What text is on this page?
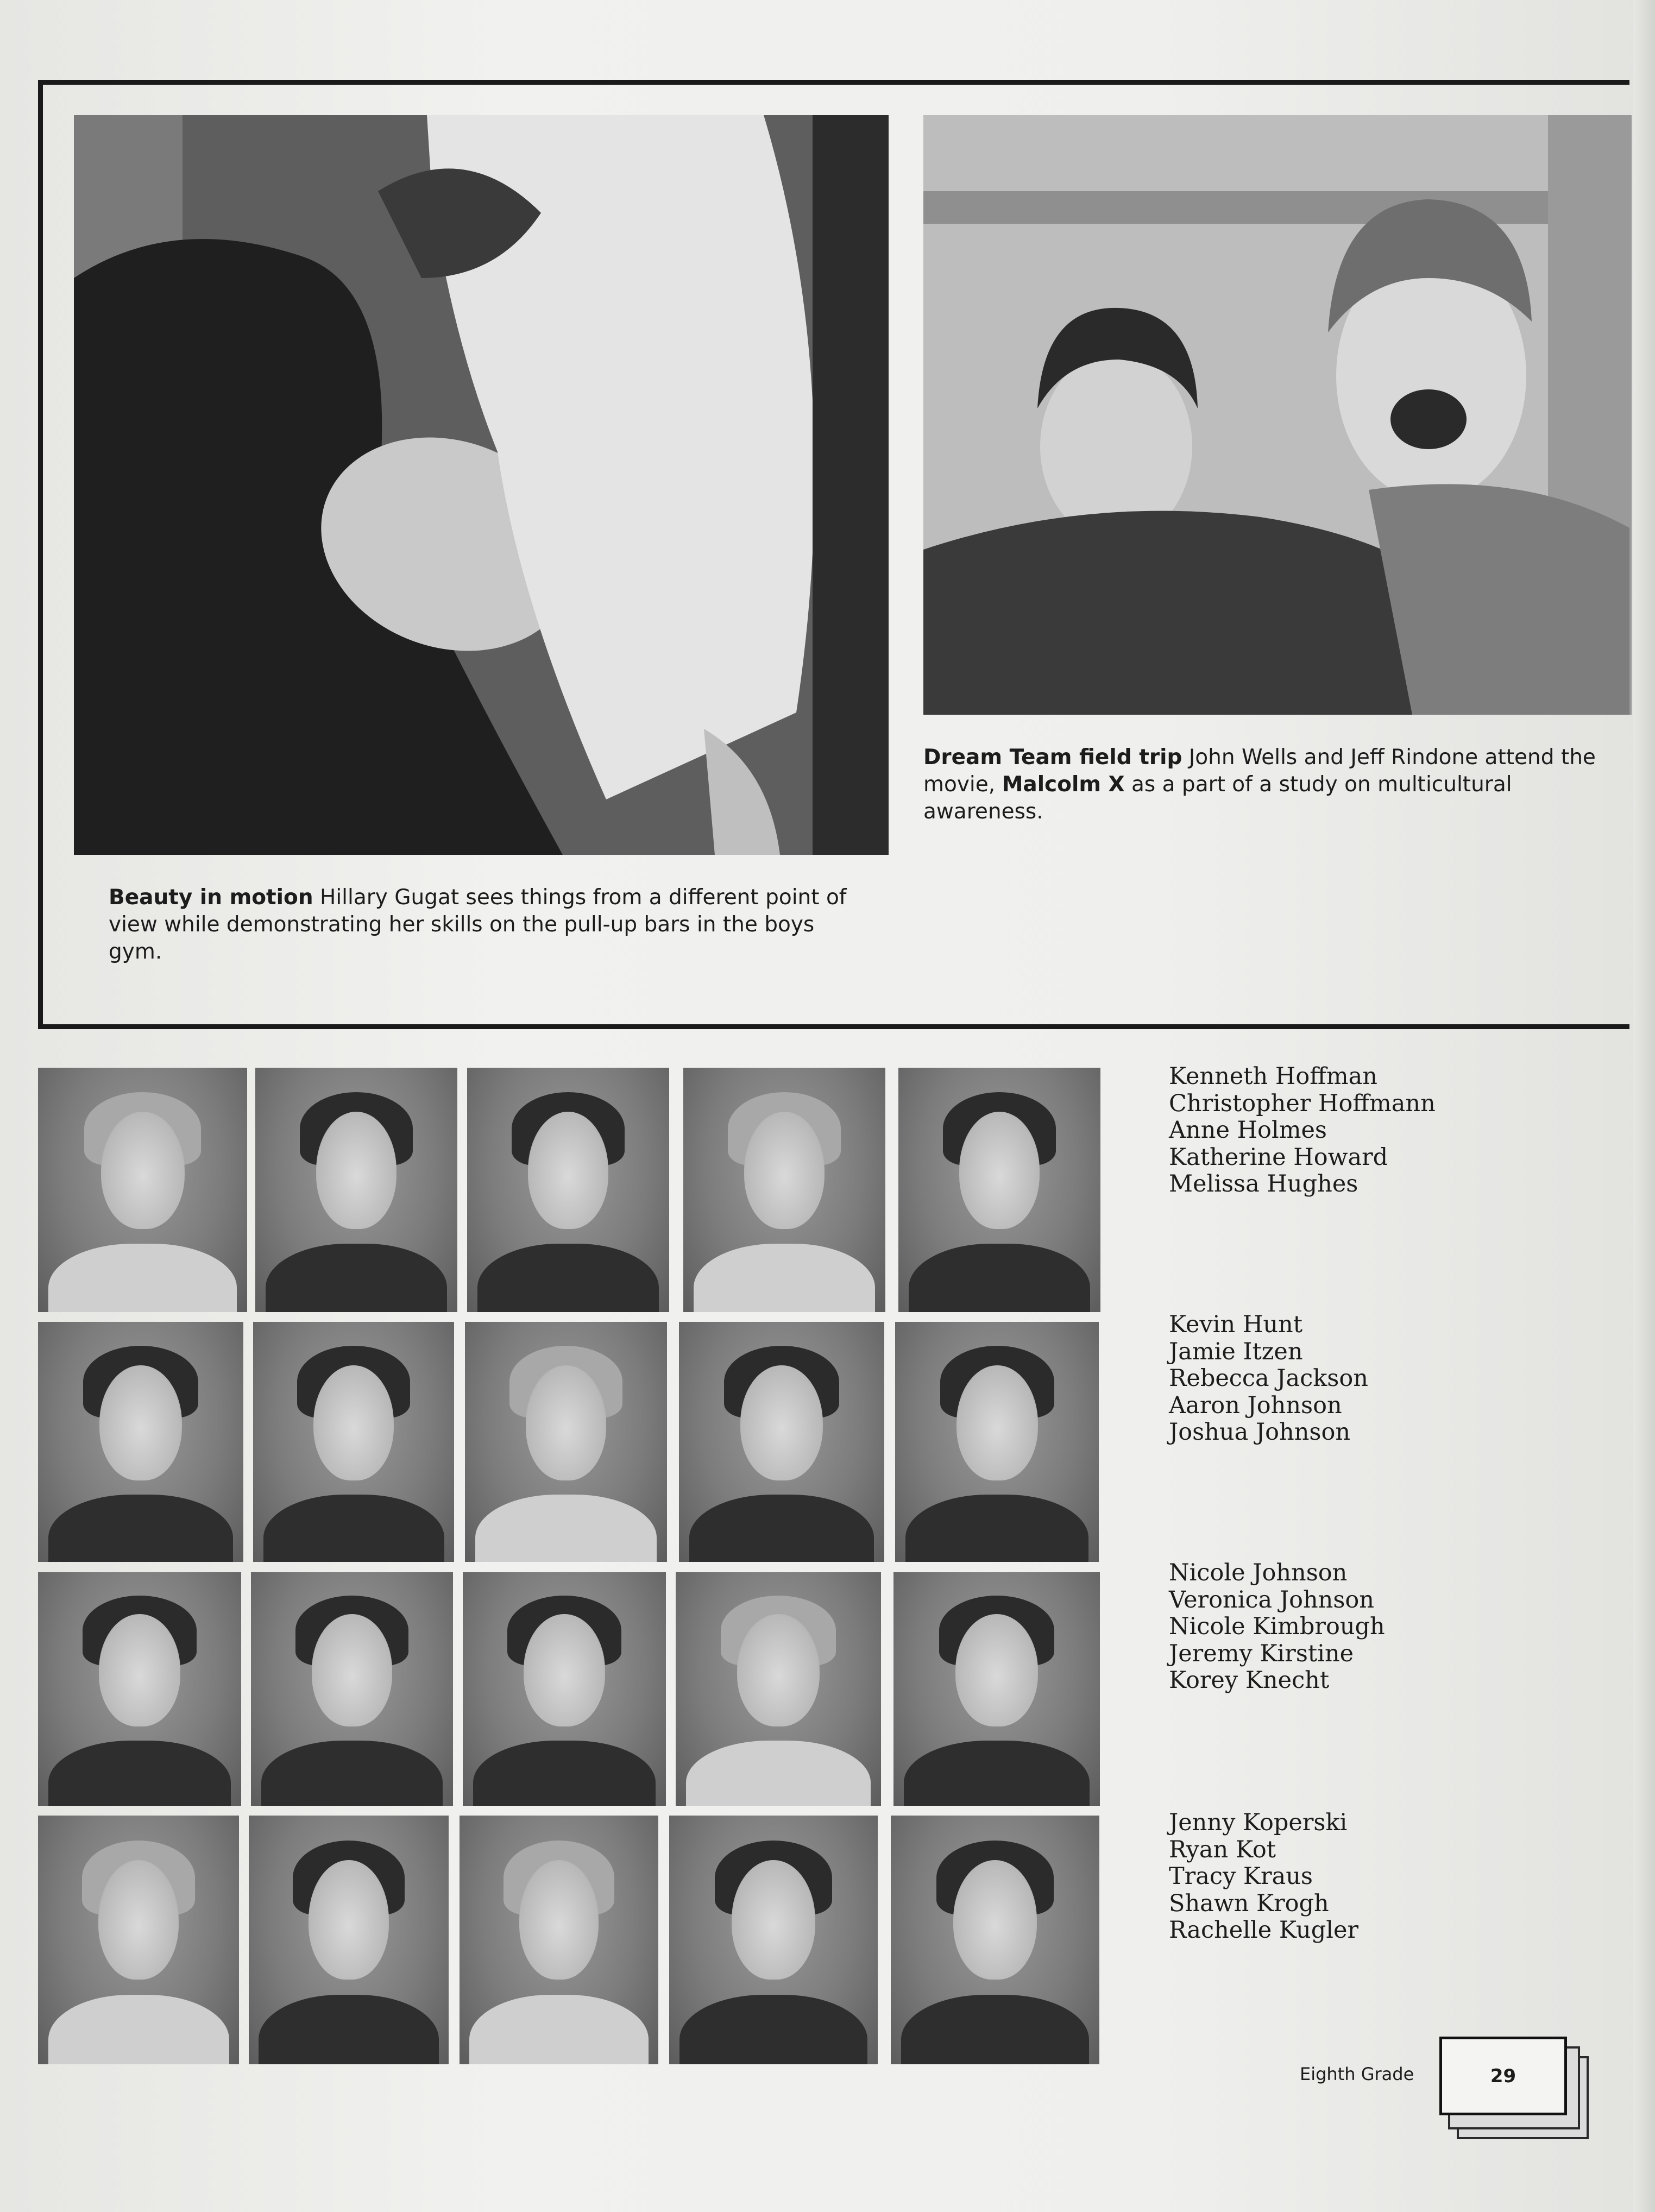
Beauty in motion Hillary Gugat sees things from a different point of view while demonstrating her skills on the pull-up bars in the boys gym.
Dream Team field trip John Wells and Jeff Rindone attend the movie, Malcolm X as a part of a study on multicultural awareness.
Kenneth Hoffman
Christopher Hoffmann
Anne Holmes
Katherine Howard
Melissa Hughes
Kevin Hunt
Jamie Itzen
Rebecca Jackson
Aaron Johnson
Joshua Johnson
Nicole Johnson
Veronica Johnson
Nicole Kimbrough
Jeremy Kirstine
Korey Knecht
Jenny Koperski
Ryan Kot
Tracy Kraus
Shawn Krogh
Rachelle Kugler
Eighth Grade	29
